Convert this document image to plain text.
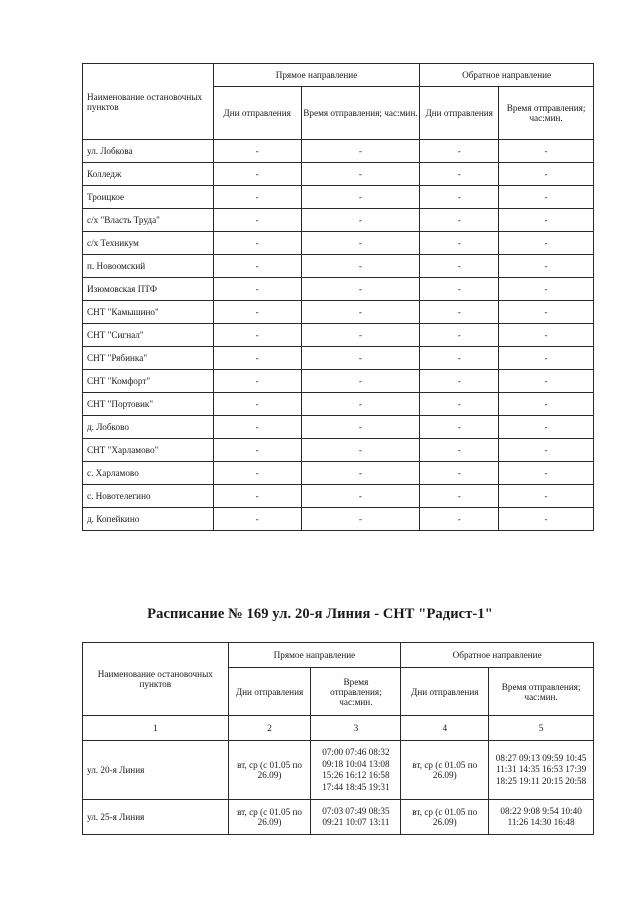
Наименование остановочных пунктов	Прямое направление		Обратное направление	
	Дни отправления	Время отправления; час:мин.	Дни отправления	Время отправления; час:мин.
ул. Лобкова	-	-	-	-
Колледж	-	-	-	-
Троицкое	-	-	-	-
с/х "Власть Труда"	-	-	-	-
с/х Техникум	-	-	-	-
п. Новоомский	-	-	-	-
Изюмовская ПТФ	-	-	-	-
СНТ "Камышино"	-	-	-	-
СНТ "Сигнал"	-	-	-	-
СНТ "Рябинка"	-	-	-	-
СНТ "Комфорт"	-	-	-	-
СНТ "Портовик"	-	-	-	-
д. Лобково	-	-	-	-
СНТ "Харламово"	-	-	-	-
с. Харламово	-	-	-	-
с. Новотелегино	-	-	-	-
д. Копейкино	-	-	-	-
Расписание № 169 ул. 20-я Линия - СНТ "Радист-1"
Наименование остановочных пунктов	Прямое направление		Обратное направление	
	Дни отправления	Время отправления; час:мин.	Дни отправления	Время отправления; час:мин.
1	2	3	4	5
ул. 20-я Линия	вт, ср (с 01.05 по 26.09)	07:00 07:46 08:32 09:18 10:04 13:08 15:26 16:12 16:58 17:44 18:45 19:31	вт, ср (с 01.05 по 26.09)	08:27 09:13 09:59 10:45 11:31 14:35 16:53 17:39 18:25 19:11 20:15 20:58
ул. 25-я Линия	вт, ср (с 01.05 по 26.09)	07:03 07:49 08:35 09:21 10:07 13:11	вт, ср (с 01.05 по 26.09)	08:22 9:08 9:54 10:40 11:26 14:30 16:48
